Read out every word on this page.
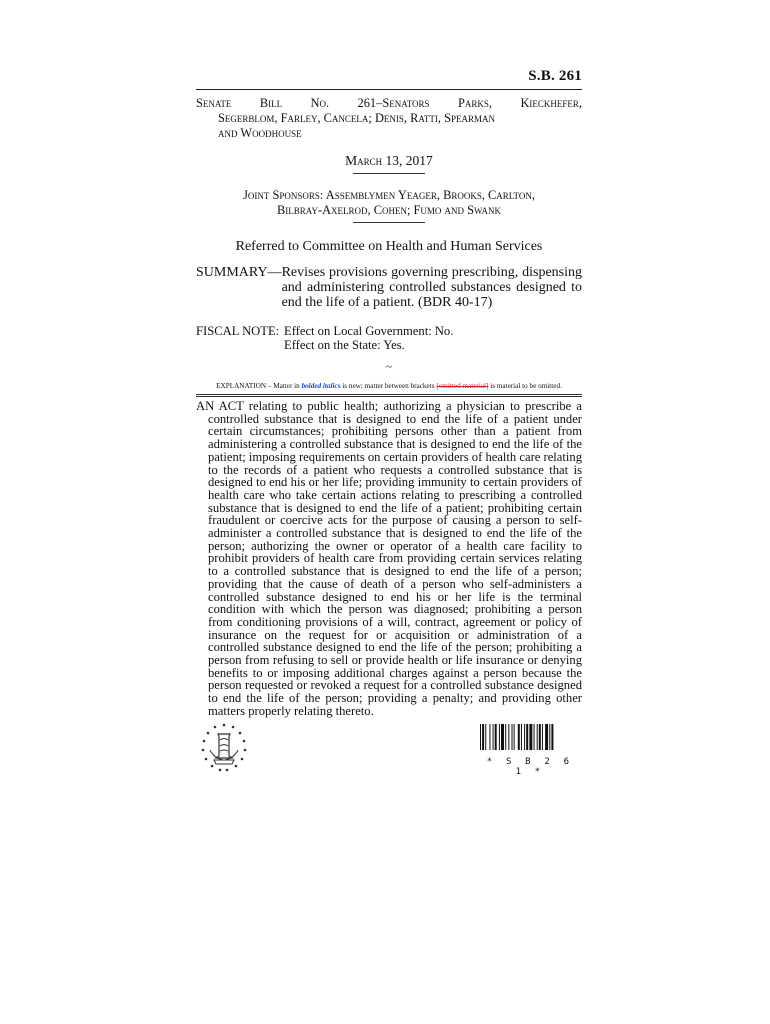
S.B. 261
Senate Bill No. 261–Senators Parks, Kieckhefer,
Segerblom, Farley, Cancela; Denis, Ratti, Spearman
and Woodhouse
March 13, 2017
Joint Sponsors: Assemblymen Yeager, Brooks, Carlton,
Bilbray-Axelrod, Cohen; Fumo and Swank
Referred to Committee on Health and Human Services
SUMMARY— Revises provisions governing prescribing, dispensing and administering controlled substances designed to end the life of a patient. (BDR 40-17)
FISCAL NOTE: Effect on Local Government: No.
Effect on the State: Yes.
~
EXPLANATION – Matter in bolded italics is new; matter between brackets [omitted material] is material to be omitted.
AN ACT relating to public health; authorizing a physician to prescribe a controlled substance that is designed to end the life of a patient under certain circumstances; prohibiting persons other than a patient from administering a controlled substance that is designed to end the life of the patient; imposing requirements on certain providers of health care relating to the records of a patient who requests a controlled substance that is designed to end his or her life; providing immunity to certain providers of health care who take certain actions relating to prescribing a controlled substance that is designed to end the life of a patient; prohibiting certain fraudulent or coercive acts for the purpose of causing a person to self-administer a controlled substance that is designed to end the life of the person; authorizing the owner or operator of a health care facility to prohibit providers of health care from providing certain services relating to a controlled substance that is designed to end the life of a person; providing that the cause of death of a person who self-administers a controlled substance designed to end his or her life is the terminal condition with which the person was diagnosed; prohibiting a person from conditioning provisions of a will, contract, agreement or policy of insurance on the request for or acquisition or administration of a controlled substance designed to end the life of the person; prohibiting a person from refusing to sell or provide health or life insurance or denying benefits to or imposing additional charges against a person because the person requested or revoked a request for a controlled substance designed to end the life of the person; providing a penalty; and providing other matters properly relating thereto.
* S B 2 6 1 *
